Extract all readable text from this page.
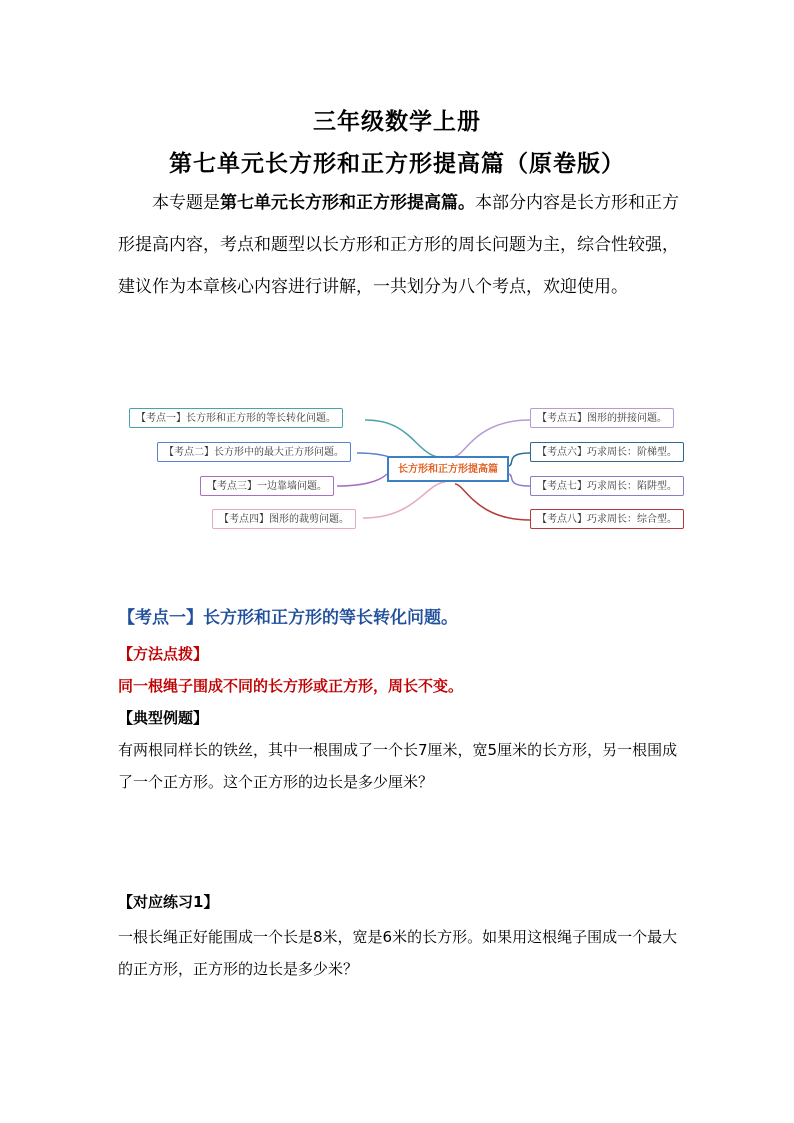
三年级数学上册
第七单元长方形和正方形提高篇（原卷版）

本专题是第七单元长方形和正方形提高篇。本部分内容是长方形和正方形提高内容，考点和题型以长方形和正方形的周长问题为主，综合性较强，建议作为本章核心内容进行讲解，一共划分为八个考点，欢迎使用。

【考点一】长方形和正方形的等长转化问题。
【考点二】长方形中的最大正方形问题。
【考点三】一边靠墙问题。
【考点四】图形的裁剪问题。
长方形和正方形提高篇
【考点五】图形的拼接问题。
【考点六】巧求周长：阶梯型。
【考点七】巧求周长：陷阱型。
【考点八】巧求周长：综合型。
【考点一】长方形和正方形的等长转化问题。
【方法点拨】
同一根绳子围成不同的长方形或正方形，周长不变。
【典型例题】
有两根同样长的铁丝，其中一根围成了一个长7厘米，宽5厘米的长方形，另一根围成了一个正方形。这个正方形的边长是多少厘米？
【对应练习1】
一根长绳正好能围成一个长是8米，宽是6米的长方形。如果用这根绳子围成一个最大的正方形，正方形的边长是多少米？
